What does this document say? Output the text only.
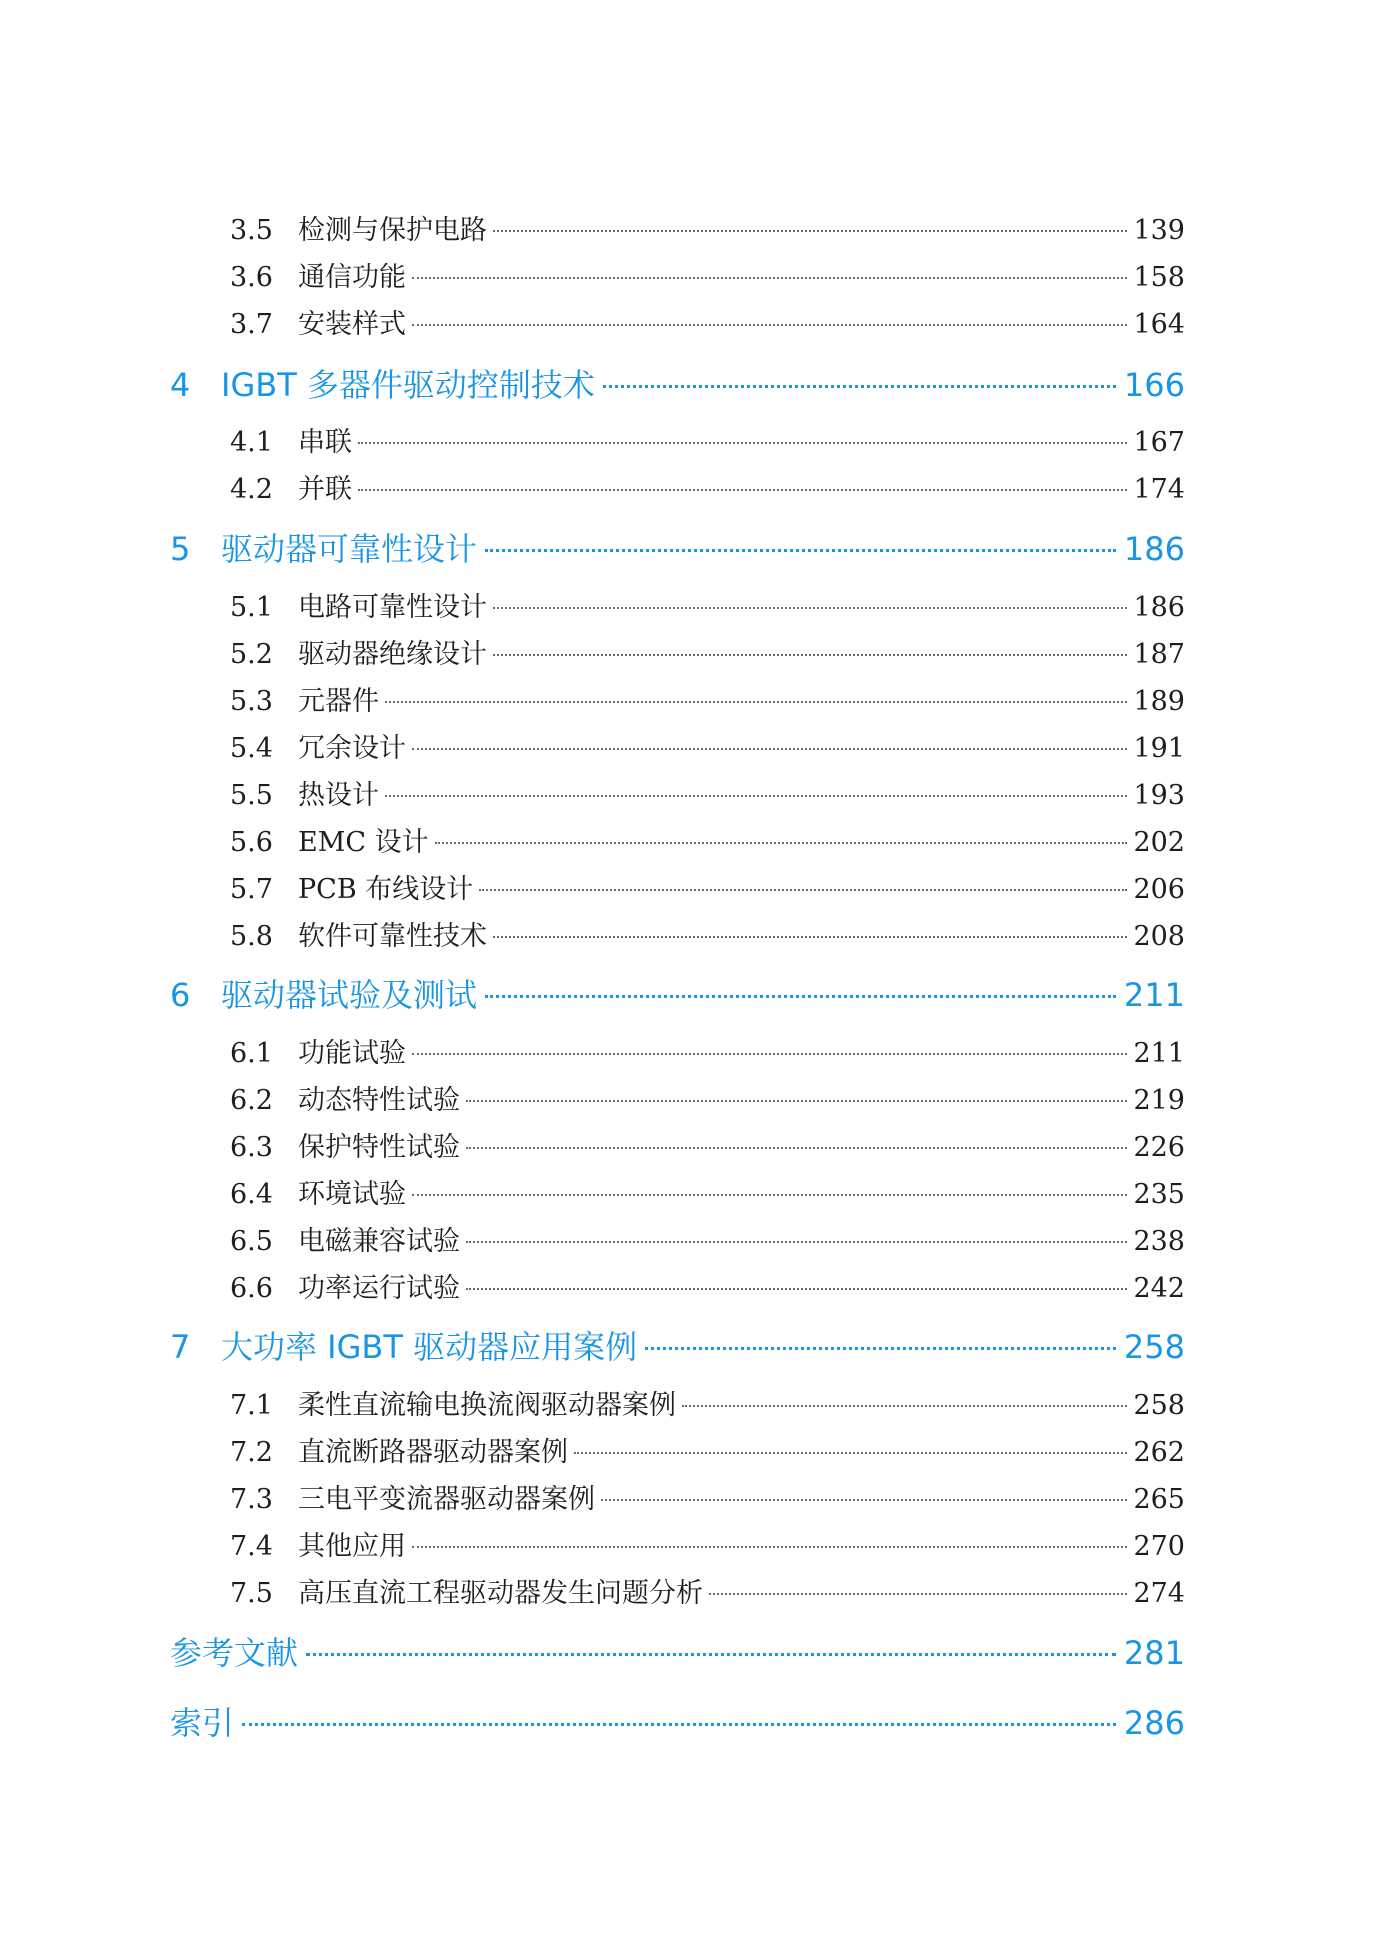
3.5 检测与保护电路	139
3.6 通信功能	158
3.7 安装样式	164
4 IGBT 多器件驱动控制技术	166
4.1 串联	167
4.2 并联	174
5 驱动器可靠性设计	186
5.1 电路可靠性设计	186
5.2 驱动器绝缘设计	187
5.3 元器件	189
5.4 冗余设计	191
5.5 热设计	193
5.6 EMC 设计	202
5.7 PCB 布线设计	206
5.8 软件可靠性技术	208
6 驱动器试验及测试	211
6.1 功能试验	211
6.2 动态特性试验	219
6.3 保护特性试验	226
6.4 环境试验	235
6.5 电磁兼容试验	238
6.6 功率运行试验	242
7 大功率 IGBT 驱动器应用案例	258
7.1 柔性直流输电换流阀驱动器案例	258
7.2 直流断路器驱动器案例	262
7.3 三电平变流器驱动器案例	265
7.4 其他应用	270
7.5 高压直流工程驱动器发生问题分析	274
参考文献	281
索引	286
